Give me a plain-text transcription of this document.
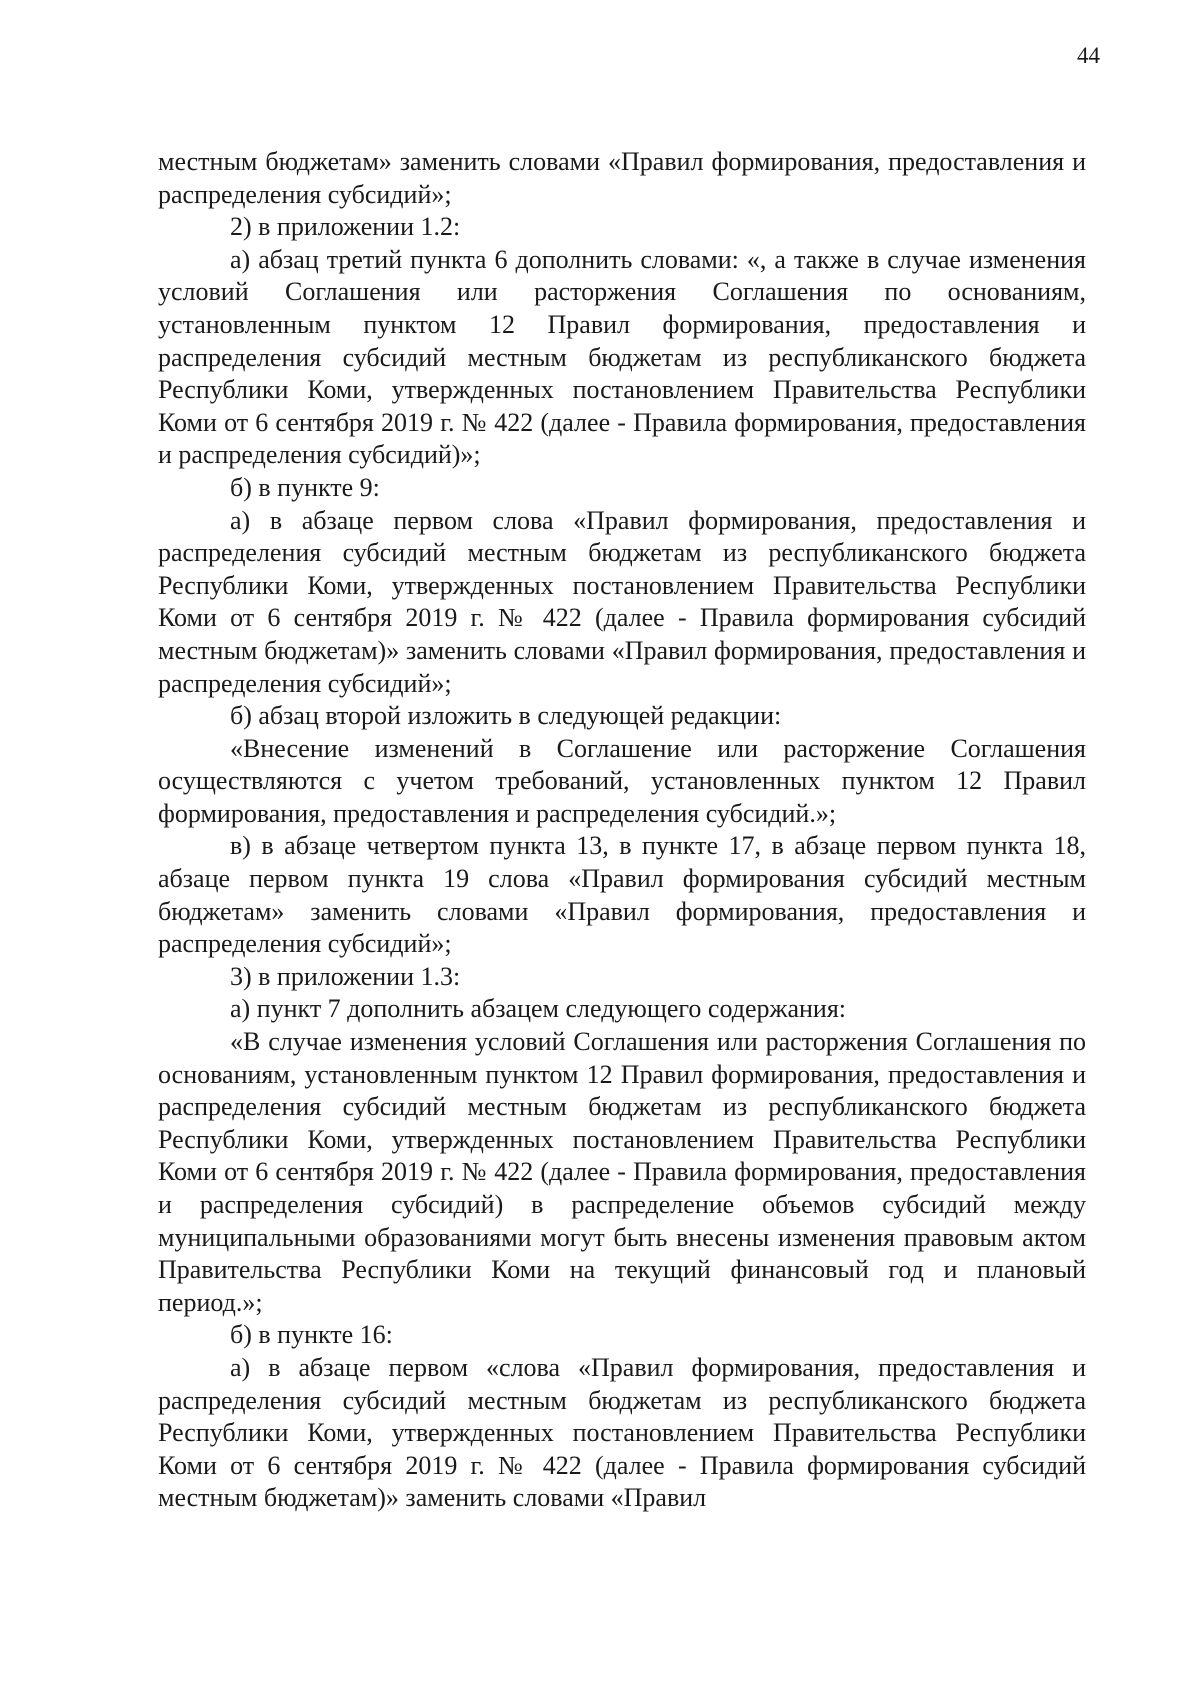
44

местным бюджетам» заменить словами «Правил формирования, предоставления и распределения субсидий»;

2) в приложении 1.2:

а) абзац третий пункта 6 дополнить словами: «, а также в случае изменения условий Соглашения или расторжения Соглашения по основаниям, установленным пунктом 12 Правил формирования, предоставления и распределения субсидий местным бюджетам из республиканского бюджета Республики Коми, утвержденных постановлением Правительства Республики Коми от 6 сентября 2019 г. № 422 (далее - Правила формирования, предоставления и распределения субсидий)»;

б) в пункте 9:

а) в абзаце первом слова «Правил формирования, предоставления и распределения субсидий местным бюджетам из республиканского бюджета Республики Коми, утвержденных постановлением Правительства Республики Коми от 6 сентября 2019 г. № 422 (далее - Правила формирования субсидий местным бюджетам)» заменить словами «Правил формирования, предоставления и распределения субсидий»;

б) абзац второй изложить в следующей редакции:

«Внесение изменений в Соглашение или расторжение Соглашения осуществляются с учетом требований, установленных пунктом 12 Правил формирования, предоставления и распределения субсидий.»;

в) в абзаце четвертом пункта 13, в пункте 17, в абзаце первом пункта 18, абзаце первом пункта 19 слова «Правил формирования субсидий местным бюджетам» заменить словами «Правил формирования, предоставления и распределения субсидий»;

3) в приложении 1.3:

а) пункт 7 дополнить абзацем следующего содержания:

«В случае изменения условий Соглашения или расторжения Соглашения по основаниям, установленным пунктом 12 Правил формирования, предоставления и распределения субсидий местным бюджетам из республиканского бюджета Республики Коми, утвержденных постановлением Правительства Республики Коми от 6 сентября 2019 г. № 422 (далее - Правила формирования, предоставления и распределения субсидий) в распределение объемов субсидий между муниципальными образованиями могут быть внесены изменения правовым актом Правительства Республики Коми на текущий финансовый год и плановый период.»;

б) в пункте 16:

а) в абзаце первом «слова «Правил формирования, предоставления и распределения субсидий местным бюджетам из республиканского бюджета Республики Коми, утвержденных постановлением Правительства Республики Коми от 6 сентября 2019 г. № 422 (далее - Правила формирования субсидий местным бюджетам)» заменить словами «Правил
